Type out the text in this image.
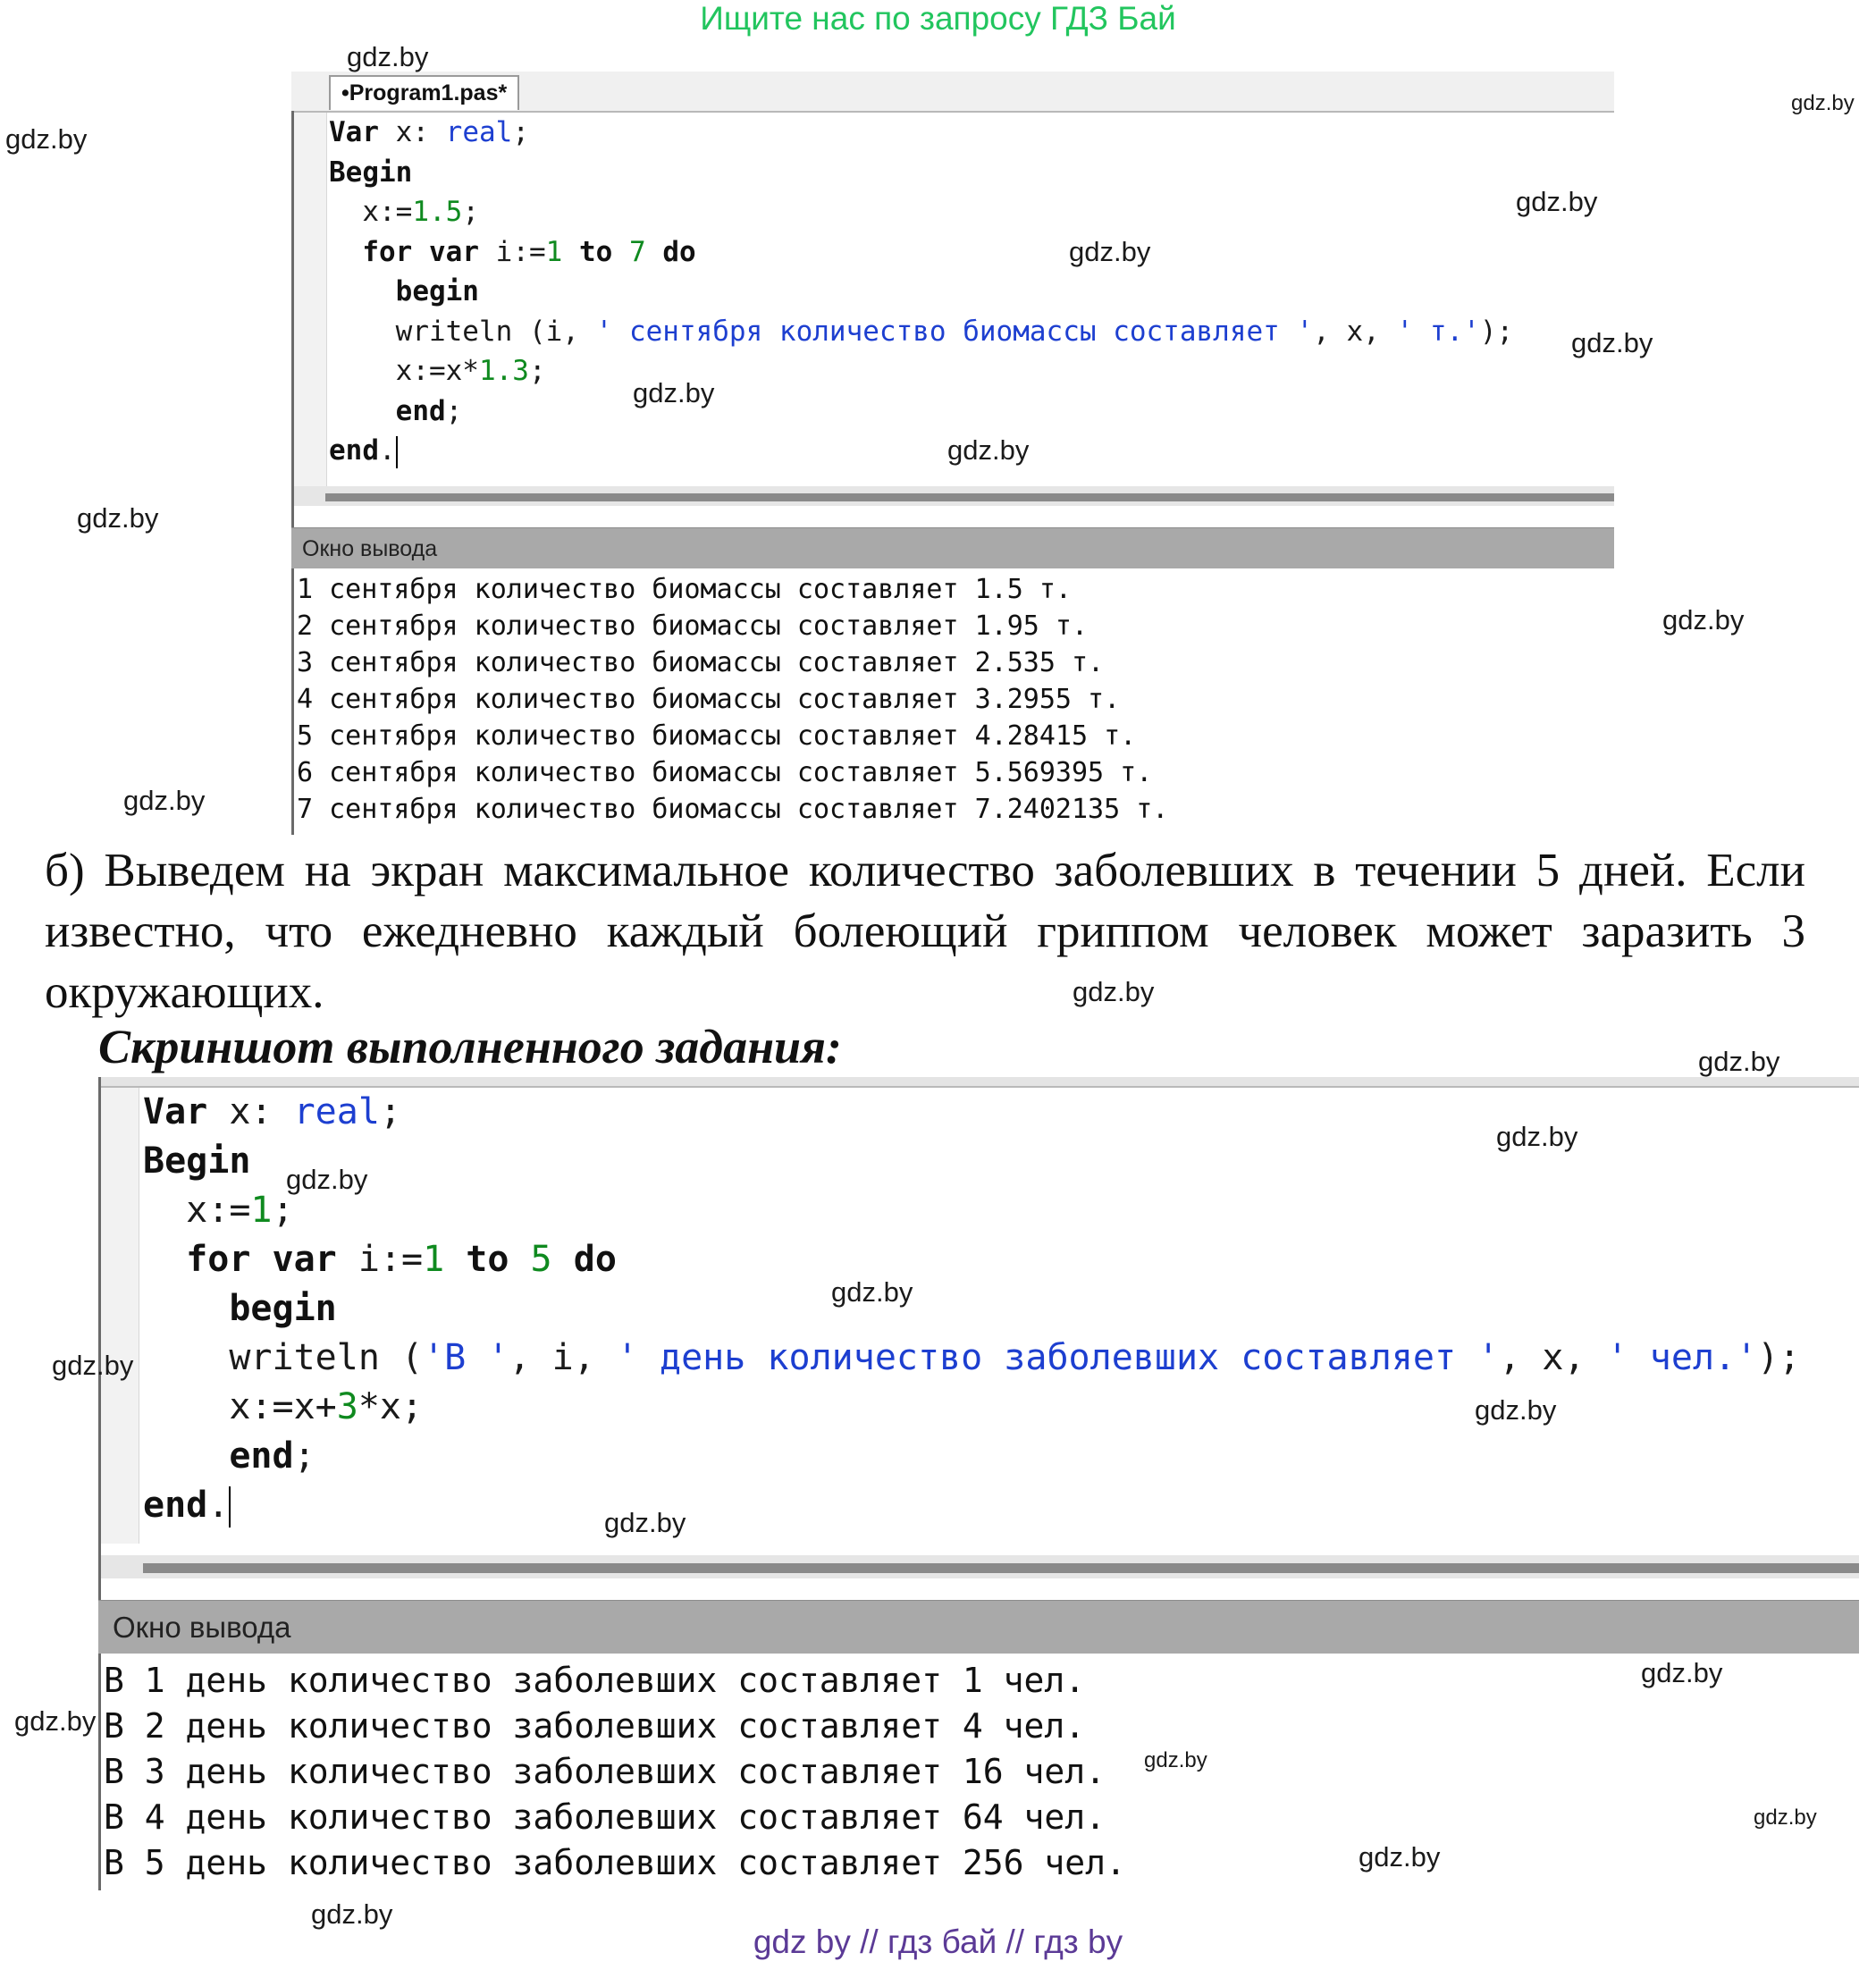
Ищите нас по запросу ГДЗ Бай
gdz by // гдз бай // гдз by
•Program1.pas*
Var x: real;
Begin
x:=1.5;
for var i:=1 to 7 do
begin
writeln (i, ' сентября количество биомассы составляет ', x, ' т.');
x:=x*1.3;
end;
end.
Окно вывода
1 сентября количество биомассы составляет 1.5 т.
2 сентября количество биомассы составляет 1.95 т.
3 сентября количество биомассы составляет 2.535 т.
4 сентября количество биомассы составляет 3.2955 т.
5 сентября количество биомассы составляет 4.28415 т.
6 сентября количество биомассы составляет 5.569395 т.
7 сентября количество биомассы составляет 7.2402135 т.
б) Выведем на экран максимальное количество заболевших в течении 5 дней. Если известно, что ежедневно каждый болеющий гриппом человек может заразить 3 окружающих.
Скриншот выполненного задания:
Var x: real;
Begin
x:=1;
for var i:=1 to 5 do
begin
writeln ('В ', i, ' день количество заболевших составляет ', x, ' чел.');
x:=x+3*x;
end;
end.
Окно вывода
В 1 день количество заболевших составляет 1 чел.
В 2 день количество заболевших составляет 4 чел.
В 3 день количество заболевших составляет 16 чел.
В 4 день количество заболевших составляет 64 чел.
В 5 день количество заболевших составляет 256 чел.
gdz.by
gdz.by
gdz.by
gdz.by
gdz.by
gdz.by
gdz.by
gdz.by
gdz.by
gdz.by
gdz.by
gdz.by
gdz.by
gdz.by
gdz.by
gdz.by
gdz.by
gdz.by
gdz.by
gdz.by
gdz.by
gdz.by
gdz.by
gdz.by
gdz.by
